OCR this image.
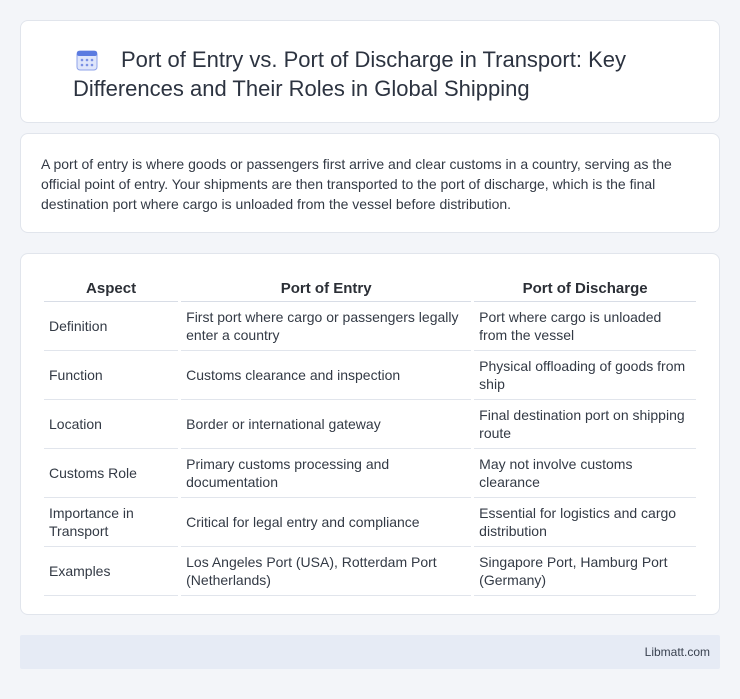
Port of Entry vs. Port of Discharge in Transport: Key Differences and Their Roles in Global Shipping

A port of entry is where goods or passengers first arrive and clear customs in a country, serving as the official point of entry. Your shipments are then transported to the port of discharge, which is the final destination port where cargo is unloaded from the vessel before distribution.

Aspect	Port of Entry	Port of Discharge
Definition	First port where cargo or passengers legally enter a country	Port where cargo is unloaded from the vessel
Function	Customs clearance and inspection	Physical offloading of goods from ship
Location	Border or international gateway	Final destination port on shipping route
Customs Role	Primary customs processing and documentation	May not involve customs clearance
Importance in Transport	Critical for legal entry and compliance	Essential for logistics and cargo distribution
Examples	Los Angeles Port (USA), Rotterdam Port (Netherlands)	Singapore Port, Hamburg Port (Germany)
Libmatt.com
